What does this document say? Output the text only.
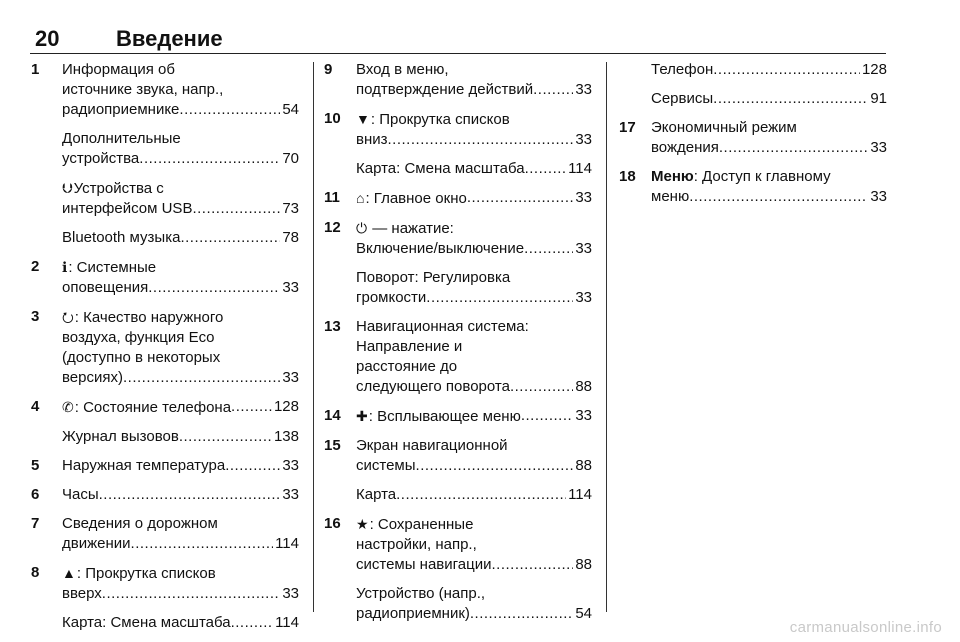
20	Введение
1 Информация об
источнике звука, напр.,
радиоприемнике .....	54
Дополнительные
устройства .....	70
⮋Устройства с
интерфейсом USB .....	73
Bluetooth музыка .....	78
2 ℹ: Системные
оповещения .....	33
3 ⭮: Качество наружного
воздуха, функция Eco
(доступно в некоторых
версиях) .....	33
4 ✆: Состояние телефона .....	128
Журнал вызовов .....	138
5 Наружная температура .....	33
6 Часы .....	33
7 Сведения о дорожном
движении .....	114
8 ▲: Прокрутка списков
вверх .....	33
Карта: Смена масштаба .....	114
9 Вход в меню,
подтверждение действий .....	33
10 ▼: Прокрутка списков
вниз .....	33
Карта: Смена масштаба .....	114
11 ⌂: Главное окно .....	33
12 ⏻ — нажатие:
Включение/выключение .....	33
Поворот: Регулировка
громкости .....	33
13 Навигационная система:
Направление и
расстояние до
следующего поворота .....	88
14 ✚: Всплывающее меню .....	33
15 Экран навигационной
системы .....	88
Карта .....	114
16 ★: Сохраненные
настройки, напр.,
системы навигации .....	88
Устройство (напр.,
радиоприемник) .....	54
Телефон .....	128
Сервисы .....	91
17 Экономичный режим
вождения .....	33
18 Меню: Доступ к главному
меню .....	33
carmanualsonline.info
